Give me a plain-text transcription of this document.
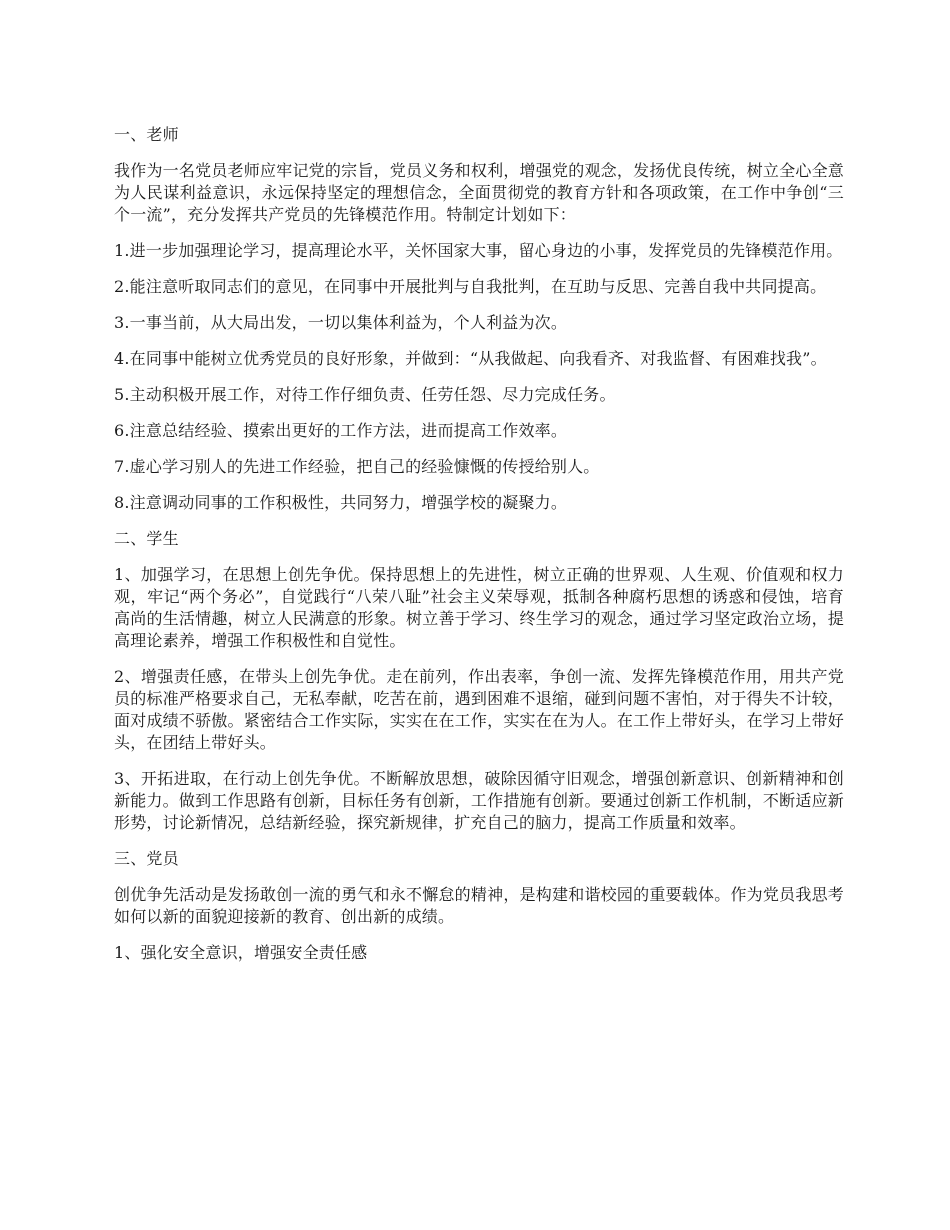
一、老师

我作为一名党员老师应牢记党的宗旨，党员义务和权利，增强党的观念，发扬优良传统，树立全心全意为人民谋利益意识，永远保持坚定的理想信念，全面贯彻党的教育方针和各项政策，在工作中争创“三个一流”，充分发挥共产党员的先锋模范作用。特制定计划如下：

1.进一步加强理论学习，提高理论水平，关怀国家大事，留心身边的小事，发挥党员的先锋模范作用。

2.能注意听取同志们的意见，在同事中开展批判与自我批判，在互助与反思、完善自我中共同提高。

3.一事当前，从大局出发，一切以集体利益为，个人利益为次。

4.在同事中能树立优秀党员的良好形象，并做到：“从我做起、向我看齐、对我监督、有困难找我”。

5.主动积极开展工作，对待工作仔细负责、任劳任怨、尽力完成任务。

6.注意总结经验、摸索出更好的工作方法，进而提高工作效率。

7.虚心学习别人的先进工作经验，把自己的经验慷慨的传授给别人。

8.注意调动同事的工作积极性，共同努力，增强学校的凝聚力。

二、学生

1、加强学习，在思想上创先争优。保持思想上的先进性，树立正确的世界观、人生观、价值观和权力观，牢记“两个务必”，自觉践行“八荣八耻”社会主义荣辱观，抵制各种腐朽思想的诱惑和侵蚀，培育高尚的生活情趣，树立人民满意的形象。树立善于学习、终生学习的观念，通过学习坚定政治立场，提高理论素养，增强工作积极性和自觉性。

2、增强责任感，在带头上创先争优。走在前列，作出表率，争创一流、发挥先锋模范作用，用共产党员的标准严格要求自己，无私奉献，吃苦在前，遇到困难不退缩，碰到问题不害怕，对于得失不计较，面对成绩不骄傲。紧密结合工作实际，实实在在工作，实实在在为人。在工作上带好头，在学习上带好头，在团结上带好头。

3、开拓进取，在行动上创先争优。不断解放思想，破除因循守旧观念，增强创新意识、创新精神和创新能力。做到工作思路有创新，目标任务有创新，工作措施有创新。要通过创新工作机制，不断适应新形势，讨论新情况，总结新经验，探究新规律，扩充自己的脑力，提高工作质量和效率。

三、党员

创优争先活动是发扬敢创一流的勇气和永不懈怠的精神，是构建和谐校园的重要载体。作为党员我思考如何以新的面貌迎接新的教育、创出新的成绩。

1、强化安全意识，增强安全责任感
